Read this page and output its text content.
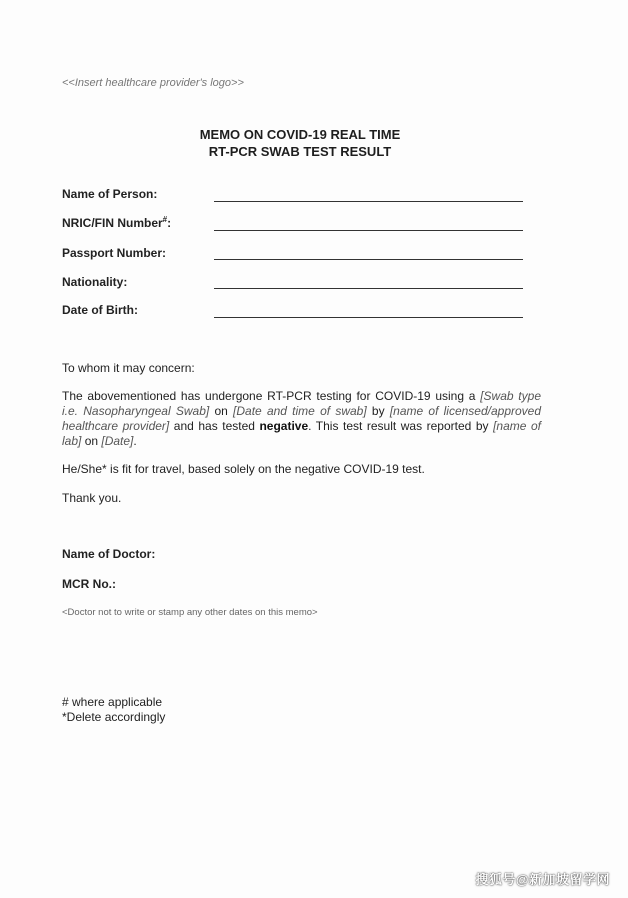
<<Insert healthcare provider's logo>>
MEMO ON COVID-19 REAL TIME
RT-PCR SWAB TEST RESULT
Name of Person:
NRIC/FIN Number#:
Passport Number:
Nationality:
Date of Birth:
To whom it may concern:
The abovementioned has undergone RT-PCR testing for COVID-19 using a [Swab type i.e. Nasopharyngeal Swab] on [Date and time of swab] by [name of licensed/approved healthcare provider] and has tested negative. This test result was reported by [name of lab] on [Date].
He/She* is fit for travel, based solely on the negative COVID-19 test.
Thank you.
Name of Doctor:
MCR No.:
<Doctor not to write or stamp any other dates on this memo>
# where applicable
*Delete accordingly
搜狐号@新加坡留学网
